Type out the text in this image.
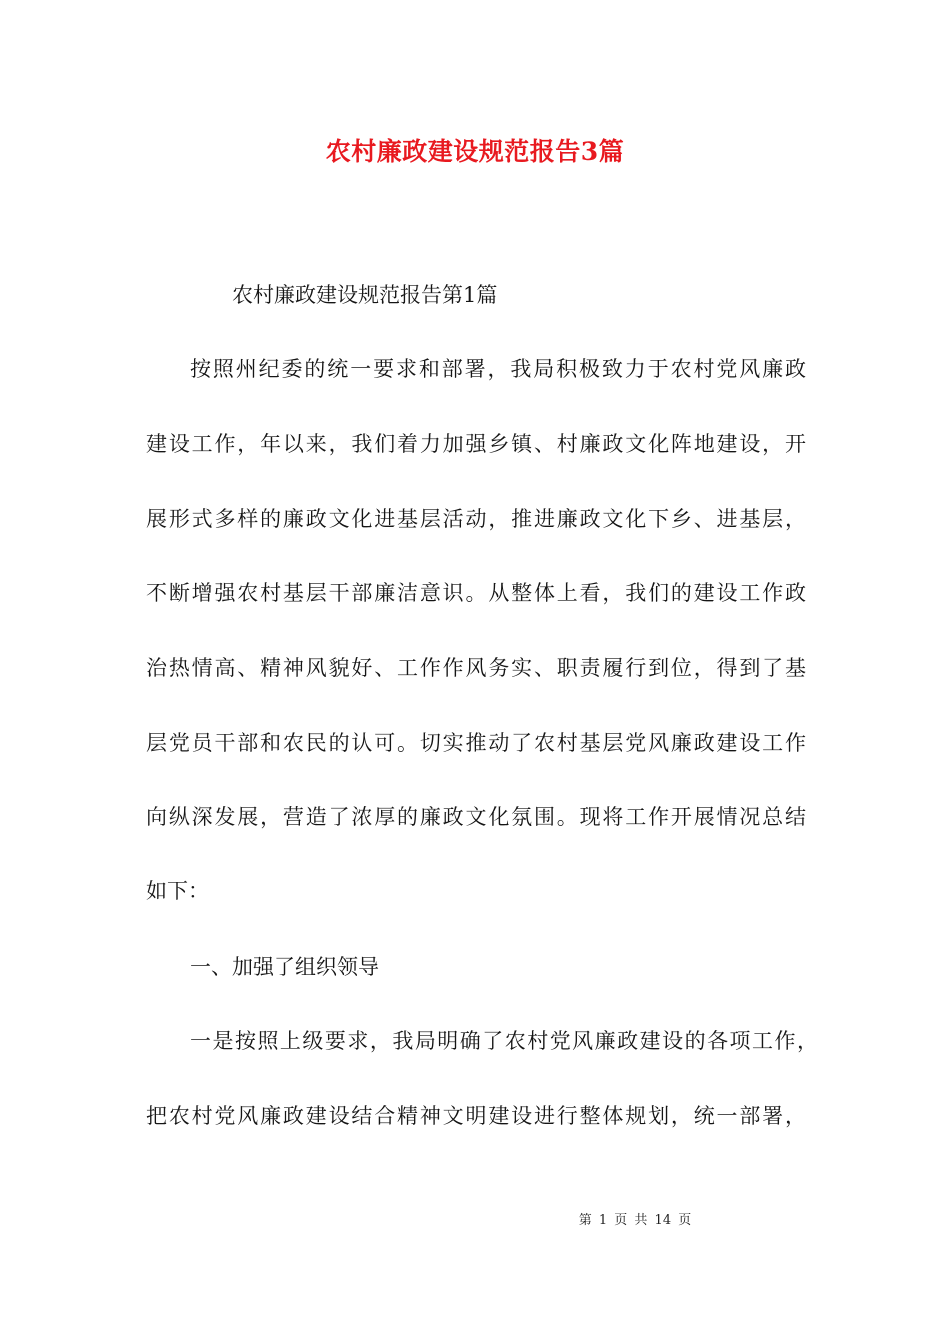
农村廉政建设规范报告3篇
农村廉政建设规范报告第1篇
按照州纪委的统一要求和部署，我局积极致力于农村党风廉政
建设工作，年以来，我们着力加强乡镇、村廉政文化阵地建设，开
展形式多样的廉政文化进基层活动，推进廉政文化下乡、进基层，
不断增强农村基层干部廉洁意识。从整体上看，我们的建设工作政
治热情高、精神风貌好、工作作风务实、职责履行到位，得到了基
层党员干部和农民的认可。切实推动了农村基层党风廉政建设工作
向纵深发展，营造了浓厚的廉政文化氛围。现将工作开展情况总结
如下：
一、加强了组织领导
一是按照上级要求，我局明确了农村党风廉政建设的各项工作，
把农村党风廉政建设结合精神文明建设进行整体规划，统一部署，
第 1 页 共 14 页
